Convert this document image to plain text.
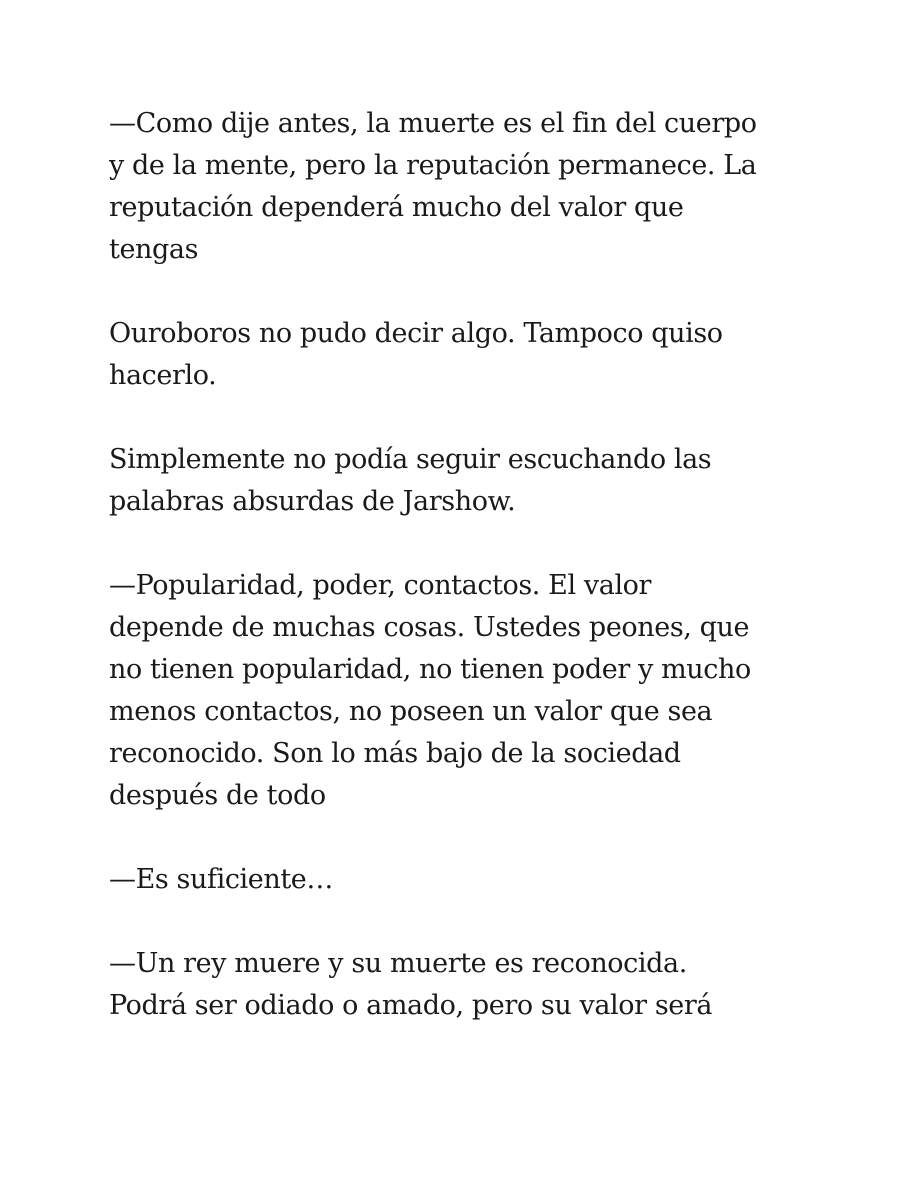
—Como dije antes, la muerte es el fin del cuerpo
y de la mente, pero la reputación permanece. La
reputación dependerá mucho del valor que
tengas

Ouroboros no pudo decir algo. Tampoco quiso
hacerlo.

Simplemente no podía seguir escuchando las
palabras absurdas de Jarshow.

—Popularidad, poder, contactos. El valor
depende de muchas cosas. Ustedes peones, que
no tienen popularidad, no tienen poder y mucho
menos contactos, no poseen un valor que sea
reconocido. Son lo más bajo de la sociedad
después de todo

—Es suficiente…

—Un rey muere y su muerte es reconocida.
Podrá ser odiado o amado, pero su valor será
